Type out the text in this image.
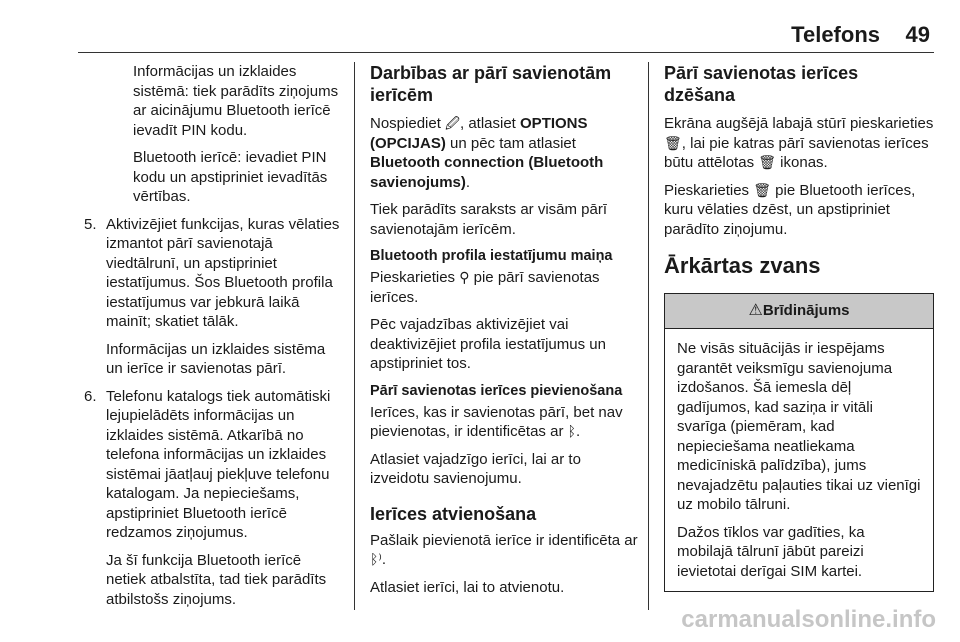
Telefons 49

Informācijas un izklaides sistēmā: tiek parādīts ziņojums ar aicinājumu Bluetooth ierīcē ievadīt PIN kodu.

Bluetooth ierīcē: ievadiet PIN kodu un apstipriniet ievadītās vērtības.

5. Aktivizējiet funkcijas, kuras vēlaties izmantot pārī savienotajā viedtālrunī, un apstipriniet iestatījumus. Šos Bluetooth profila iestatījumus var jebkurā laikā mainīt; skatiet tālāk.

Informācijas un izklaides sistēma un ierīce ir savienotas pārī.

6. Telefonu katalogs tiek automātiski lejupielādēts informācijas un izklaides sistēmā. Atkarībā no telefona informācijas un izklaides sistēmai jāatļauj piekļuve telefonu katalogam. Ja nepieciešams, apstipriniet Bluetooth ierīcē redzamos ziņojumus.

Ja šī funkcija Bluetooth ierīcē netiek atbalstīta, tad tiek parādīts atbilstošs ziņojums.

Darbības ar pārī savienotām ierīcēm

Nospiediet 🖉, atlasiet OPTIONS (OPCIJAS) un pēc tam atlasiet Bluetooth connection (Bluetooth savienojums).

Tiek parādīts saraksts ar visām pārī savienotajām ierīcēm.

Bluetooth profila iestatījumu maiņa

Pieskarieties ⚲ pie pārī savienotas ierīces.

Pēc vajadzības aktivizējiet vai deaktivizējiet profila iestatījumus un apstipriniet tos.

Pārī savienotas ierīces pievienošana

Ierīces, kas ir savienotas pārī, bet nav pievienotas, ir identificētas ar ᛒ.

Atlasiet vajadzīgo ierīci, lai ar to izveidotu savienojumu.

Ierīces atvienošana

Pašlaik pievienotā ierīce ir identificēta ar ᛒ⁾.

Atlasiet ierīci, lai to atvienotu.

Pārī savienotas ierīces dzēšana

Ekrāna augšējā labajā stūrī pieskarieties 🗑, lai pie katras pārī savienotas ierīces būtu attēlotas 🗑 ikonas.

Pieskarieties 🗑 pie Bluetooth ierīces, kuru vēlaties dzēst, un apstipriniet parādīto ziņojumu.

Ārkārtas zvans
⚠Brīdinājums

Ne visās situācijās ir iespējams garantēt veiksmīgu savienojuma izdošanos. Šā iemesla dēļ gadījumos, kad saziņa ir vitāli svarīga (piemēram, kad nepieciešama neatliekama medicīniskā palīdzība), jums nevajadzētu paļauties tikai uz vienīgi uz mobilo tālruni.

Dažos tīklos var gadīties, ka mobilajā tālrunī jābūt pareizi ievietotai derīgai SIM kartei.

carmanualsonline.info
